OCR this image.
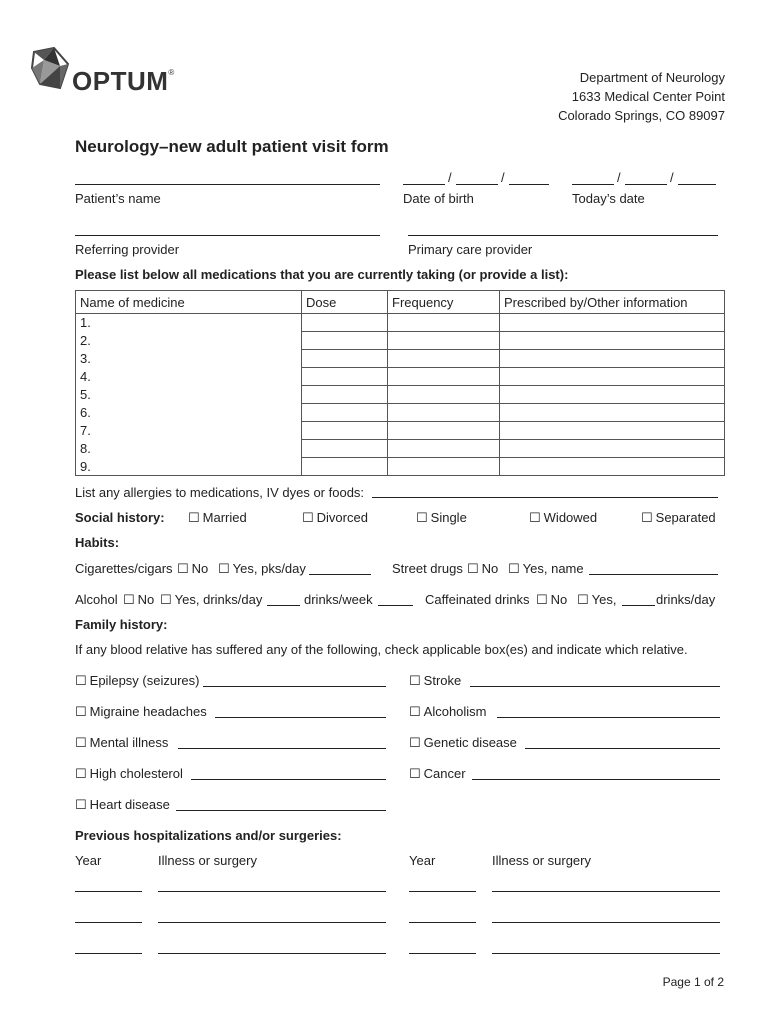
OPTUM®	Department of Neurology
1633 Medical Center Point
Colorado Springs, CO 89097
Neurology–new adult patient visit form
Patient’s name
/	/
Date of birth
/	/
Today’s date
Referring provider	Primary care provider
Please list below all medications that you are currently taking (or provide a list):
Name of medicine	Dose	Frequency	Prescribed by/Other information
1.			
2.			
3.			
4.			
5.			
6.			
7.			
8.			
9.			
List any allergies to medications, IV dyes or foods:
Social history:	☐ Married	☐ Divorced	☐ Single	☐ Widowed	☐ Separated
Habits:
Cigarettes/cigars	☐ No	☐ Yes, pks/day	Street drugs	☐ No	☐ Yes, name
Alcohol	☐ No	☐ Yes, drinks/day	drinks/week	Caffeinated drinks	☐ No	☐ Yes,	drinks/day
Family history:
If any blood relative has suffered any of the following, check applicable box(es) and indicate which relative.
☐ Epilepsy (seizures)
☐ Migraine headaches
☐ Mental illness
☐ High cholesterol
☐ Heart disease
☐ Stroke
☐ Alcoholism
☐ Genetic disease
☐ Cancer
Previous hospitalizations and/or surgeries:
Year	Illness or surgery	Year	Illness or surgery
Page 1 of 2
